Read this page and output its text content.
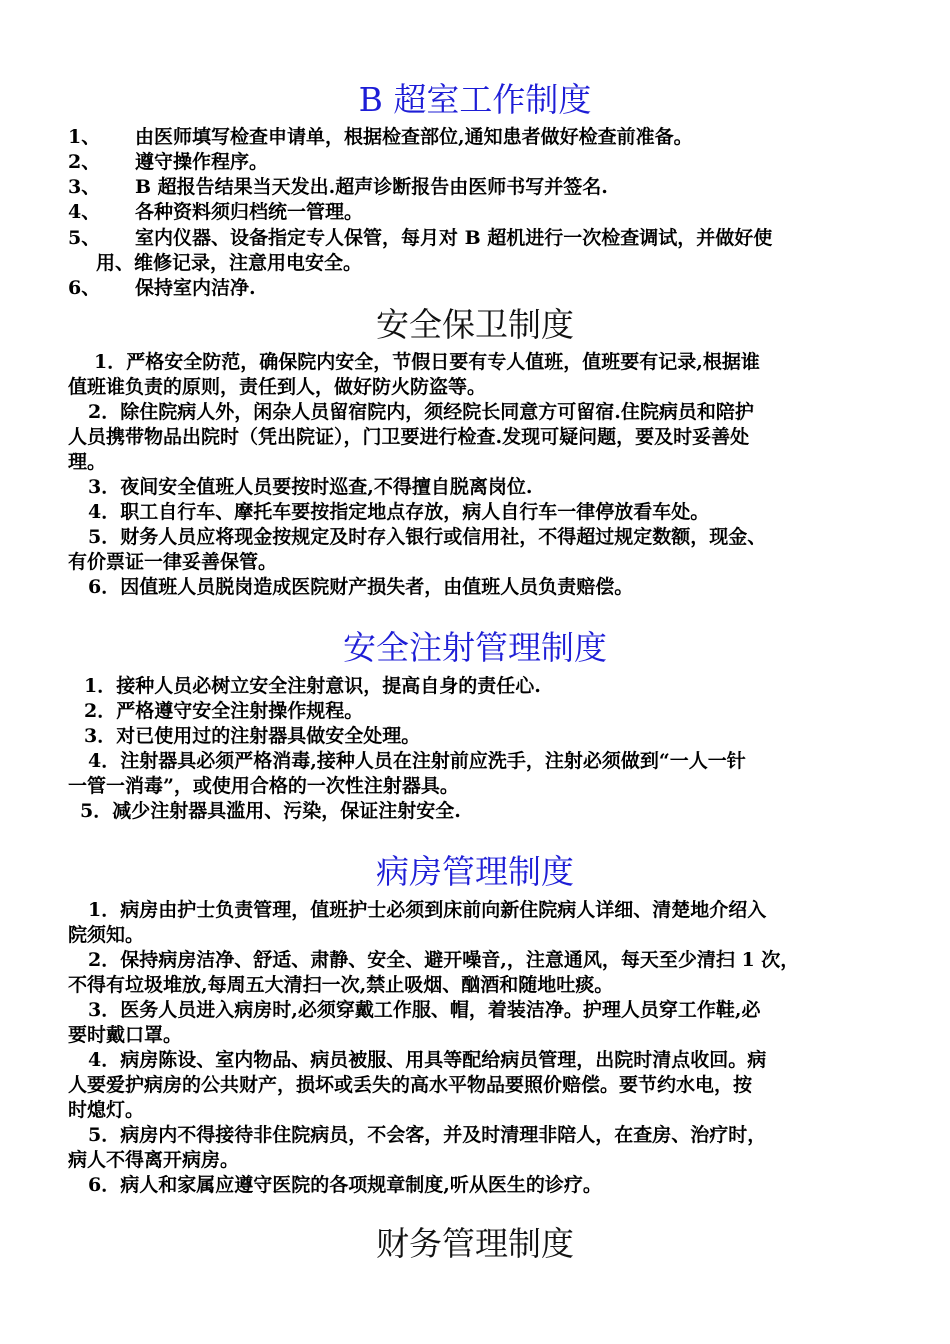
B 超室工作制度
1、 由医师填写检查申请单，根据检查部位,通知患者做好检查前准备。
2、 遵守操作程序。
3、 B 超报告结果当天发出.超声诊断报告由医师书写并签名.
4、 各种资料须归档统一管理。
5、 室内仪器、设备指定专人保管，每月对 B 超机进行一次检查调试，并做好使
用、维修记录，注意用电安全。
6、 保持室内洁净.
安全保卫制度
1．严格安全防范，确保院内安全，节假日要有专人值班，值班要有记录,根据谁
值班谁负责的原则，责任到人，做好防火防盗等。
2．除住院病人外，闲杂人员留宿院内，须经院长同意方可留宿.住院病员和陪护
人员携带物品出院时（凭出院证），门卫要进行检查.发现可疑问题，要及时妥善处
理。
3．夜间安全值班人员要按时巡查,不得擅自脱离岗位.
4．职工自行车、摩托车要按指定地点存放，病人自行车一律停放看车处。
5．财务人员应将现金按规定及时存入银行或信用社，不得超过规定数额，现金、
有价票证一律妥善保管。
6．因值班人员脱岗造成医院财产损失者，由值班人员负责赔偿。
安全注射管理制度
1．接种人员必树立安全注射意识，提高自身的责任心.
2．严格遵守安全注射操作规程。
3．对已使用过的注射器具做安全处理。
4．注射器具必须严格消毒,接种人员在注射前应洗手，注射必须做到“一人一针
一管一消毒”，或使用合格的一次性注射器具。
5．减少注射器具滥用、污染，保证注射安全.
病房管理制度
1．病房由护士负责管理，值班护士必须到床前向新住院病人详细、清楚地介绍入
院须知。
2．保持病房洁净、舒适、肃静、安全、避开噪音,，注意通风，每天至少清扫 1 次，
不得有垃圾堆放,每周五大清扫一次,禁止吸烟、酗酒和随地吐痰。
3．医务人员进入病房时,必须穿戴工作服、帽，着装洁净。护理人员穿工作鞋,必
要时戴口罩。
4．病房陈设、室内物品、病员被服、用具等配给病员管理，出院时清点收回。病
人要爱护病房的公共财产，损坏或丢失的高水平物品要照价赔偿。要节约水电，按
时熄灯。
5．病房内不得接待非住院病员，不会客，并及时清理非陪人，在查房、治疗时，
病人不得离开病房。
6．病人和家属应遵守医院的各项规章制度,听从医生的诊疗。
财务管理制度
